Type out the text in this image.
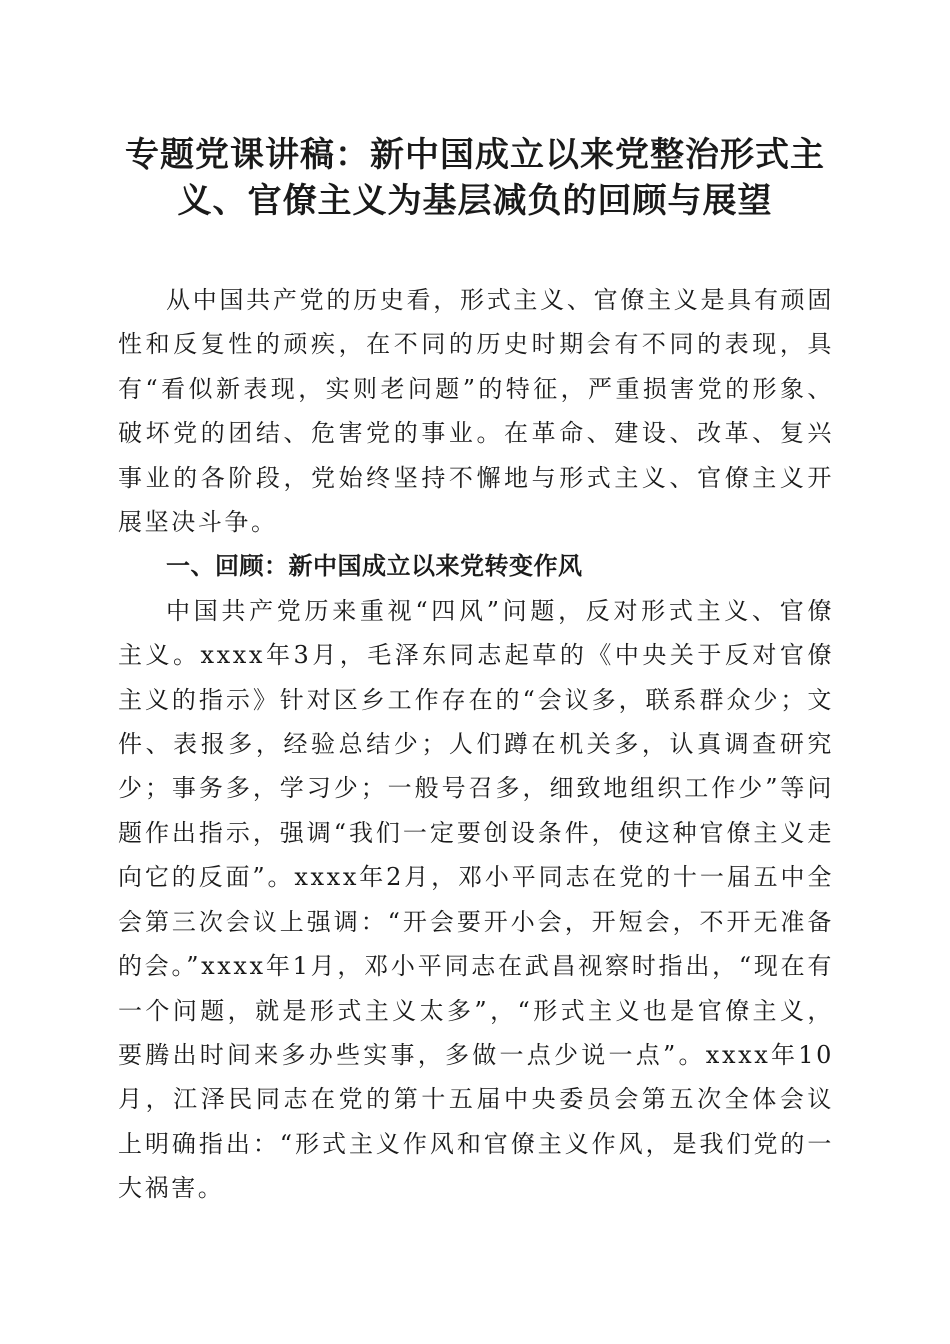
专题党课讲稿：新中国成立以来党整治形式主
义、官僚主义为基层减负的回顾与展望

从中国共产党的历史看，形式主义、官僚主义是具有顽固性和反复性的顽疾，在不同的历史时期会有不同的表现，具有“看似新表现，实则老问题”的特征，严重损害党的形象、破坏党的团结、危害党的事业。在革命、建设、改革、复兴事业的各阶段，党始终坚持不懈地与形式主义、官僚主义开展坚决斗争。

一、回顾：新中国成立以来党转变作风

中国共产党历来重视“四风”问题，反对形式主义、官僚主义。xxxx年3月，毛泽东同志起草的《中央关于反对官僚主义的指示》针对区乡工作存在的“会议多，联系群众少；文件、表报多，经验总结少；人们蹲在机关多，认真调查研究少；事务多，学习少；一般号召多，细致地组织工作少”等问题作出指示，强调“我们一定要创设条件，使这种官僚主义走向它的反面”。xxxx年2月，邓小平同志在党的十一届五中全会第三次会议上强调：“开会要开小会，开短会，不开无准备的会。”xxxx年1月，邓小平同志在武昌视察时指出，“现在有一个问题，就是形式主义太多”，“形式主义也是官僚主义，要腾出时间来多办些实事，多做一点少说一点”。xxxx年10月，江泽民同志在党的第十五届中央委员会第五次全体会议上明确指出：“形式主义作风和官僚主义作风，是我们党的一大祸害。
